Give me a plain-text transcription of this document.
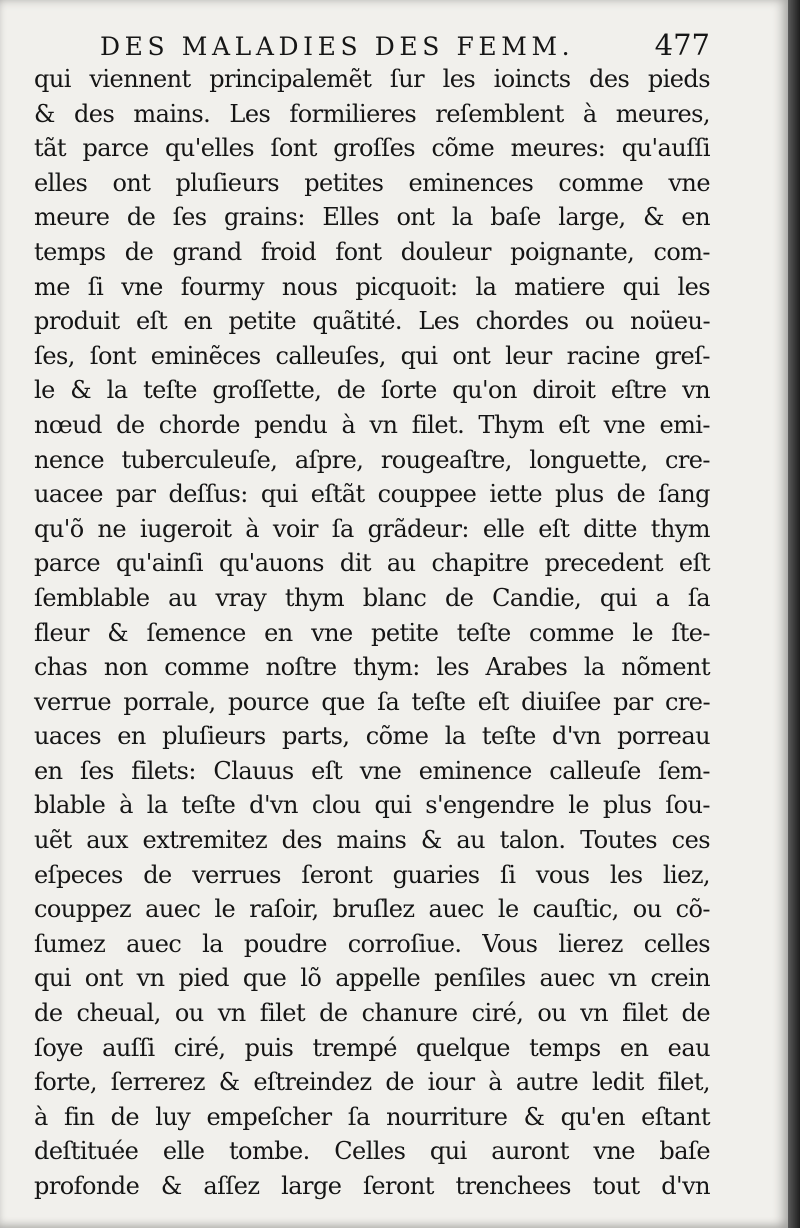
DES MALADIES DES FEMM.	477
qui viennent principalemẽt ſur les ioincts des pieds
& des mains. Les formilieres reſemblent à meures,
tãt parce qu'elles ſont groſſes cõme meures: qu'auſſi
elles ont pluſieurs petites eminences comme vne
meure de ſes grains: Elles ont la baſe large, & en
temps de grand froid font douleur poignante, com-
me ſi vne fourmy nous picquoit: la matiere qui les
produit eſt en petite quãtité. Les chordes ou noüeu-
ſes, ſont eminẽces calleuſes, qui ont leur racine greſ-
le & la teſte groſſette, de ſorte qu'on diroit eſtre vn
nœud de chorde pendu à vn filet. Thym eſt vne emi-
nence tuberculeuſe, aſpre, rougeaſtre, longuette, cre-
uacee par deſſus: qui eſtãt couppee iette plus de ſang
qu'õ ne iugeroit à voir ſa grãdeur: elle eſt ditte thym
parce qu'ainſi qu'auons dit au chapitre precedent eſt
ſemblable au vray thym blanc de Candie, qui a ſa
fleur & ſemence en vne petite teſte comme le ſte-
chas non comme noſtre thym: les Arabes la nõment
verrue porrale, pource que ſa teſte eſt diuiſee par cre-
uaces en pluſieurs parts, cõme la teſte d'vn porreau
en ſes filets: Clauus eſt vne eminence calleuſe ſem-
blable à la teſte d'vn clou qui s'engendre le plus ſou-
uẽt aux extremitez des mains & au talon. Toutes ces
eſpeces de verrues ſeront guaries ſi vous les liez,
couppez auec le raſoir, bruſlez auec le cauſtic, ou cõ-
ſumez auec la poudre corroſiue. Vous lierez celles
qui ont vn pied que lõ appelle penſiles auec vn crein
de cheual, ou vn filet de chanure ciré, ou vn filet de
ſoye auſſi ciré, puis trempé quelque temps en eau
forte, ſerrerez & eſtreindez de iour à autre ledit filet,
à fin de luy empeſcher ſa nourriture & qu'en eſtant
deſtituée elle tombe. Celles qui auront vne baſe
profonde & aſſez large ſeront trenchees tout d'vn
